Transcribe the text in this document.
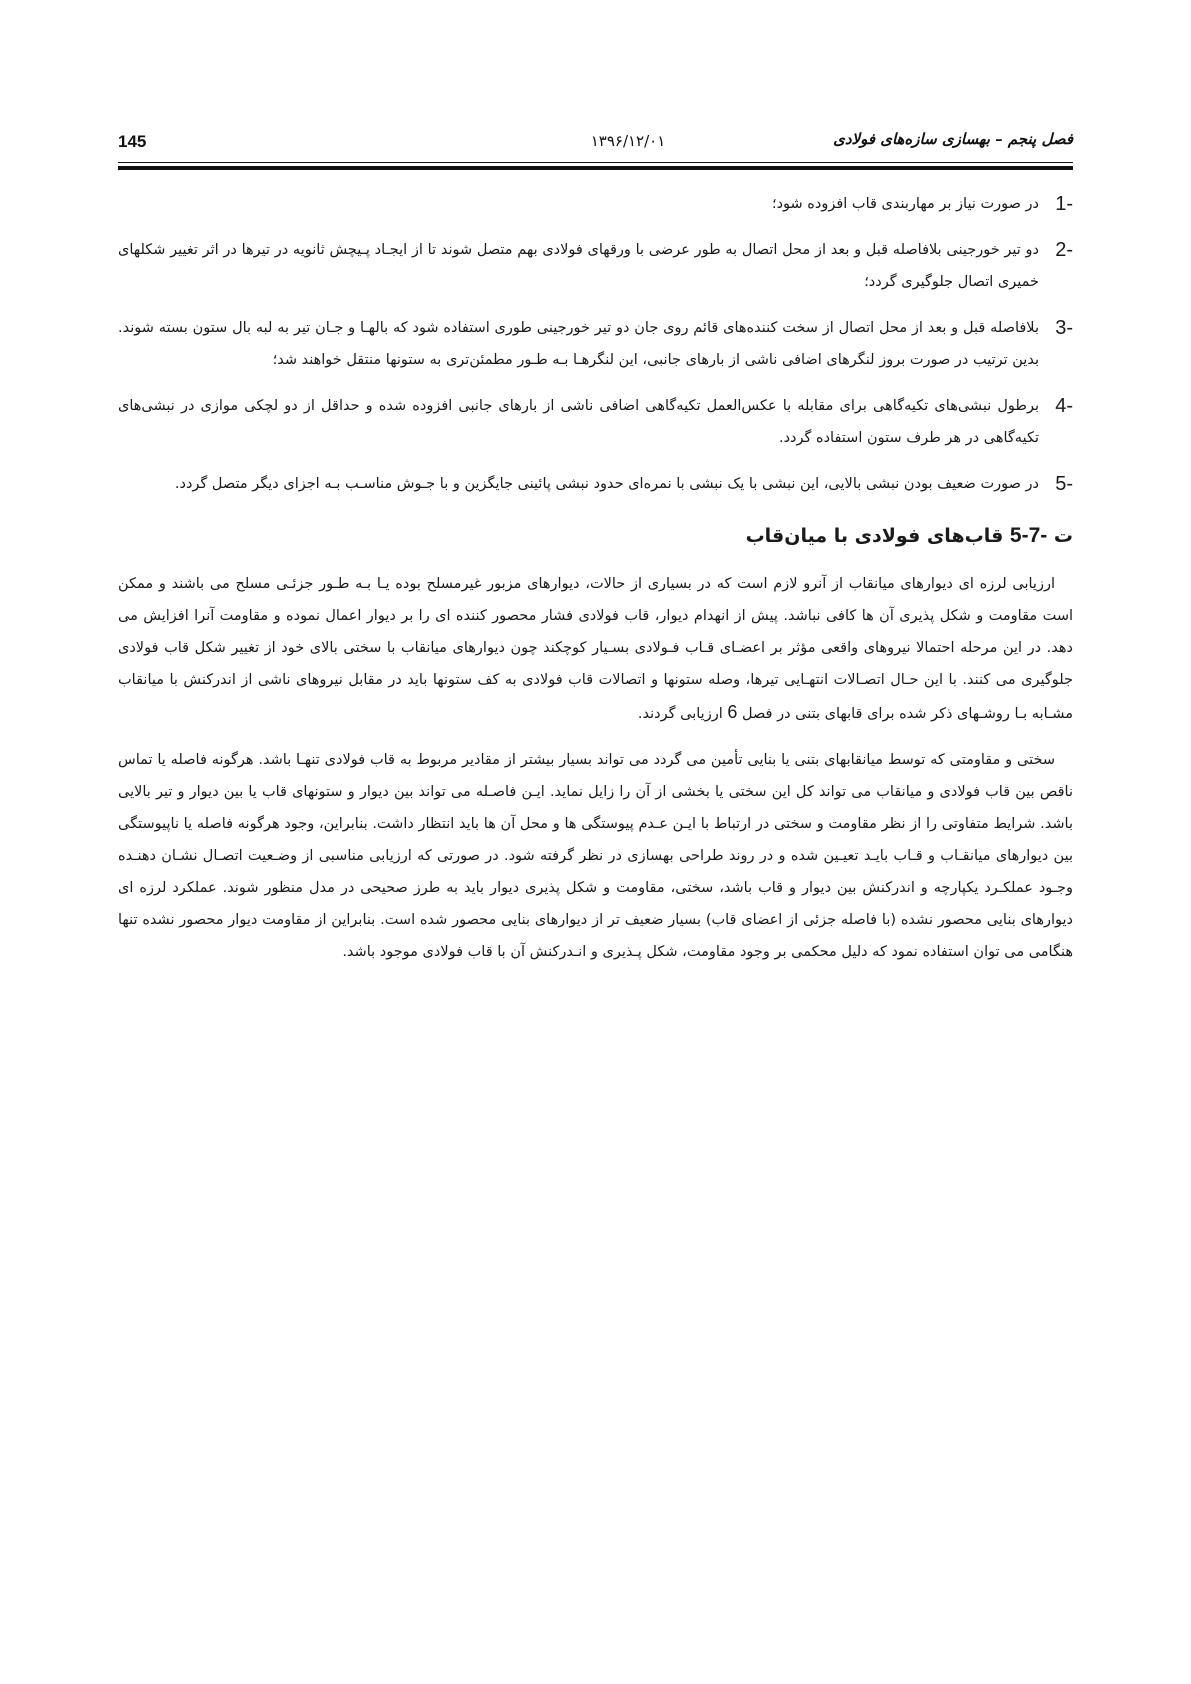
145	۱۳۹۶/۱۲/۰۱	فصل پنجم – بهسازی سازه‌های فولادی
1-
در صورت نیاز بر مهاربندی قاب افزوده شود؛
2-
دو تیر خورجینی بلافاصله قبل و بعد از محل اتصال به طور عرضی با ورقهای فولادی بهم متصل شوند تا از ایجـاد پـیچش ثانویه در تیرها در اثر تغییر شکلهای خمیری اتصال جلوگیری گردد؛
3-
بلافاصله قبل و بعد از محل اتصال از سخت کننده‌های قائم روی جان دو تیر خورجینی طوری استفاده شود که بالهـا و جـان تیر به لبه بال ستون بسته شوند. بدین ترتیب در صورت بروز لنگرهای اضافی ناشی از بارهای جانبی، این لنگرهـا بـه طـور مطمئن‌تری به ستونها منتقل خواهند شد؛
4-
برطول نبشی‌های تکیه‌گاهی برای مقابله با عکس‌العمل تکیه‌گاهی اضافی ناشی از بارهای جانبی افزوده شده و حداقل از دو لچکی موازی در نبشی‌های تکیه‌گاهی در هر طرف ستون استفاده گردد.
5-
در صورت ضعیف بودن نبشی بالایی، این نبشی با یک نبشی با نمره‌ای حدود نبشی پائینی جایگزین و با جـوش مناسـب بـه اجزای دیگر متصل گردد.
ت 5-7- قاب‌های فولادی با میان‌قاب

ارزیابی لرزه ای دیوارهای میانقاب از آنرو لازم است که در بسیاری از حالات، دیوارهای مزبور غیرمسلح بوده یـا بـه طـور جزئـی مسلح می باشند و ممکن است مقاومت و شکل پذیری آن ها کافی نباشد. پیش از انهدام دیوار، قاب فولادی فشار محصور کننده ای را بر دیوار اعمال نموده و مقاومت آنرا افزایش می دهد. در این مرحله احتمالا نیروهای واقعی مؤثر بر اعضـای قـاب فـولادی بسـیار کوچکند چون دیوارهای میانقاب با سختی بالای خود از تغییر شکل قاب فولادی جلوگیری می کنند. با این حـال اتصـالات انتهـایی تیرها، وصله ستونها و اتصالات قاب فولادی به کف ستونها باید در مقابل نیروهای ناشی از اندرکنش با میانقاب مشـابه بـا روشـهای ذکر شده برای قابهای بتنی در فصل 6 ارزیابی گردند.

سختی و مقاومتی که توسط میانقابهای بتنی یا بنایی تأمین می گردد می تواند بسیار بیشتر از مقادیر مربوط به قاب فولادی تنهـا باشد. هرگونه فاصله یا تماس ناقص بین قاب فولادی و میانقاب می تواند کل این سختی یا بخشی از آن را زایل نماید. ایـن فاصـله می تواند بین دیوار و ستونهای قاب یا بین دیوار و تیر بالایی باشد. شرایط متفاوتی را از نظر مقاومت و سختی در ارتباط با ایـن عـدم پیوستگی ها و محل آن ها باید انتظار داشت. بنابراین، وجود هرگونه فاصله یا ناپیوستگی بین دیوارهای میانقـاب و قـاب بایـد تعیـین شده و در روند طراحی بهسازی در نظر گرفته شود. در صورتی که ارزیابی مناسبی از وضـعیت اتصـال نشـان دهنـده وجـود عملکـرد یکپارچه و اندرکنش بین دیوار و قاب باشد، سختی، مقاومت و شکل پذیری دیوار باید به طرز صحیحی در مدل منظور شوند. عملکرد لرزه ای دیوارهای بنایی محصور نشده (با فاصله جزئی از اعضای قاب) بسیار ضعیف تر از دیوارهای بنایی محصور شده است. بنابراین از مقاومت دیوار محصور نشده تنها هنگامی می توان استفاده نمود که دلیل محکمی بر وجود مقاومت، شکل پـذیری و انـدرکنش آن با قاب فولادی موجود باشد.
